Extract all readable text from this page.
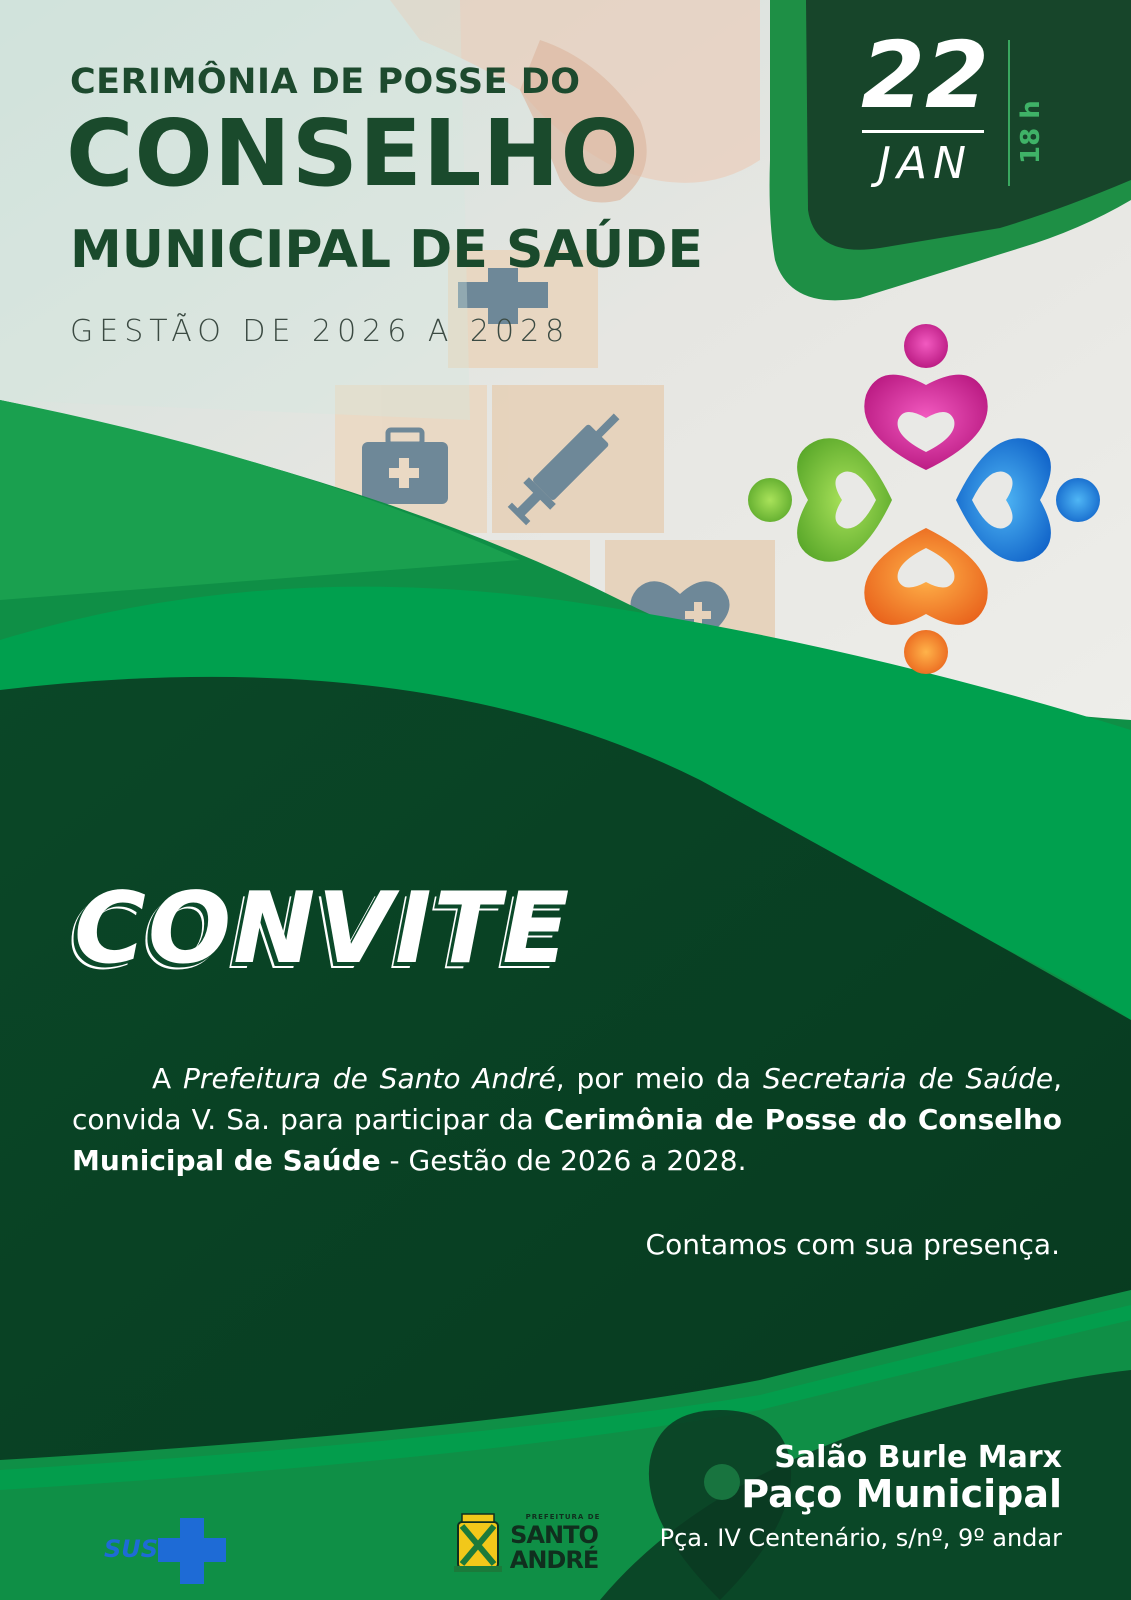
CERIMÔNIA DE POSSE DO
CONSELHO
MUNICIPAL DE SAÚDE
GESTÃO DE 2026 A 2028
22
JAN	18 h
CONVITE
A Prefeitura de Santo André, por meio da Secretaria de Saúde, convida V. Sa. para participar da Cerimônia de Posse do Conselho Municipal de Saúde - Gestão de 2026 a 2028.
Contamos com sua presença.
Salão Burle Marx
Paço Municipal
Pça. IV Centenário, s/nº, 9º andar
SUS
PREFEITURA DE
SANTO
ANDRÉ
